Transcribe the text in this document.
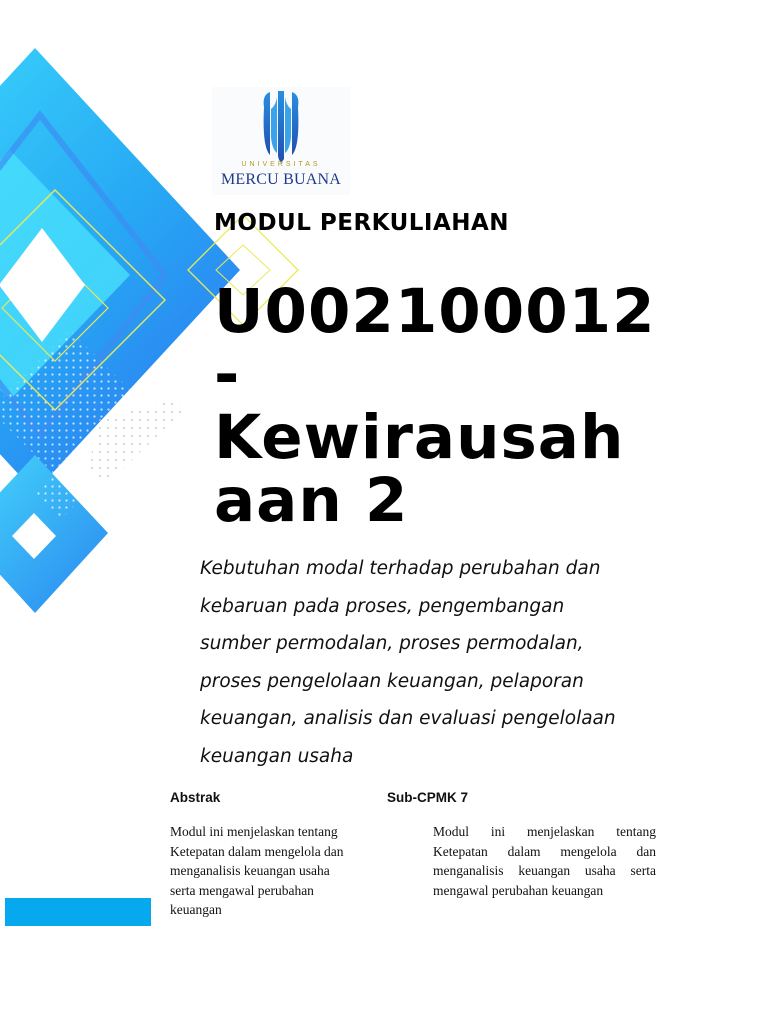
UNIVERSITAS
MERCU BUANA
MODUL PERKULIAHAN
U002100012
-
Kewirausah
aan 2
Kebutuhan modal terhadap perubahan dan
kebaruan pada proses, pengembangan
sumber permodalan, proses permodalan,
proses pengelolaan keuangan, pelaporan
keuangan, analisis dan evaluasi pengelolaan
keuangan usaha
Abstrak	Sub-CPMK 7
Modul ini menjelaskan tentang
Ketepatan dalam mengelola dan
menganalisis keuangan usaha
serta mengawal perubahan
keuangan
Modul ini menjelaskan tentang Ketepatan dalam mengelola dan menganalisis keuangan usaha serta mengawal perubahan keuangan
